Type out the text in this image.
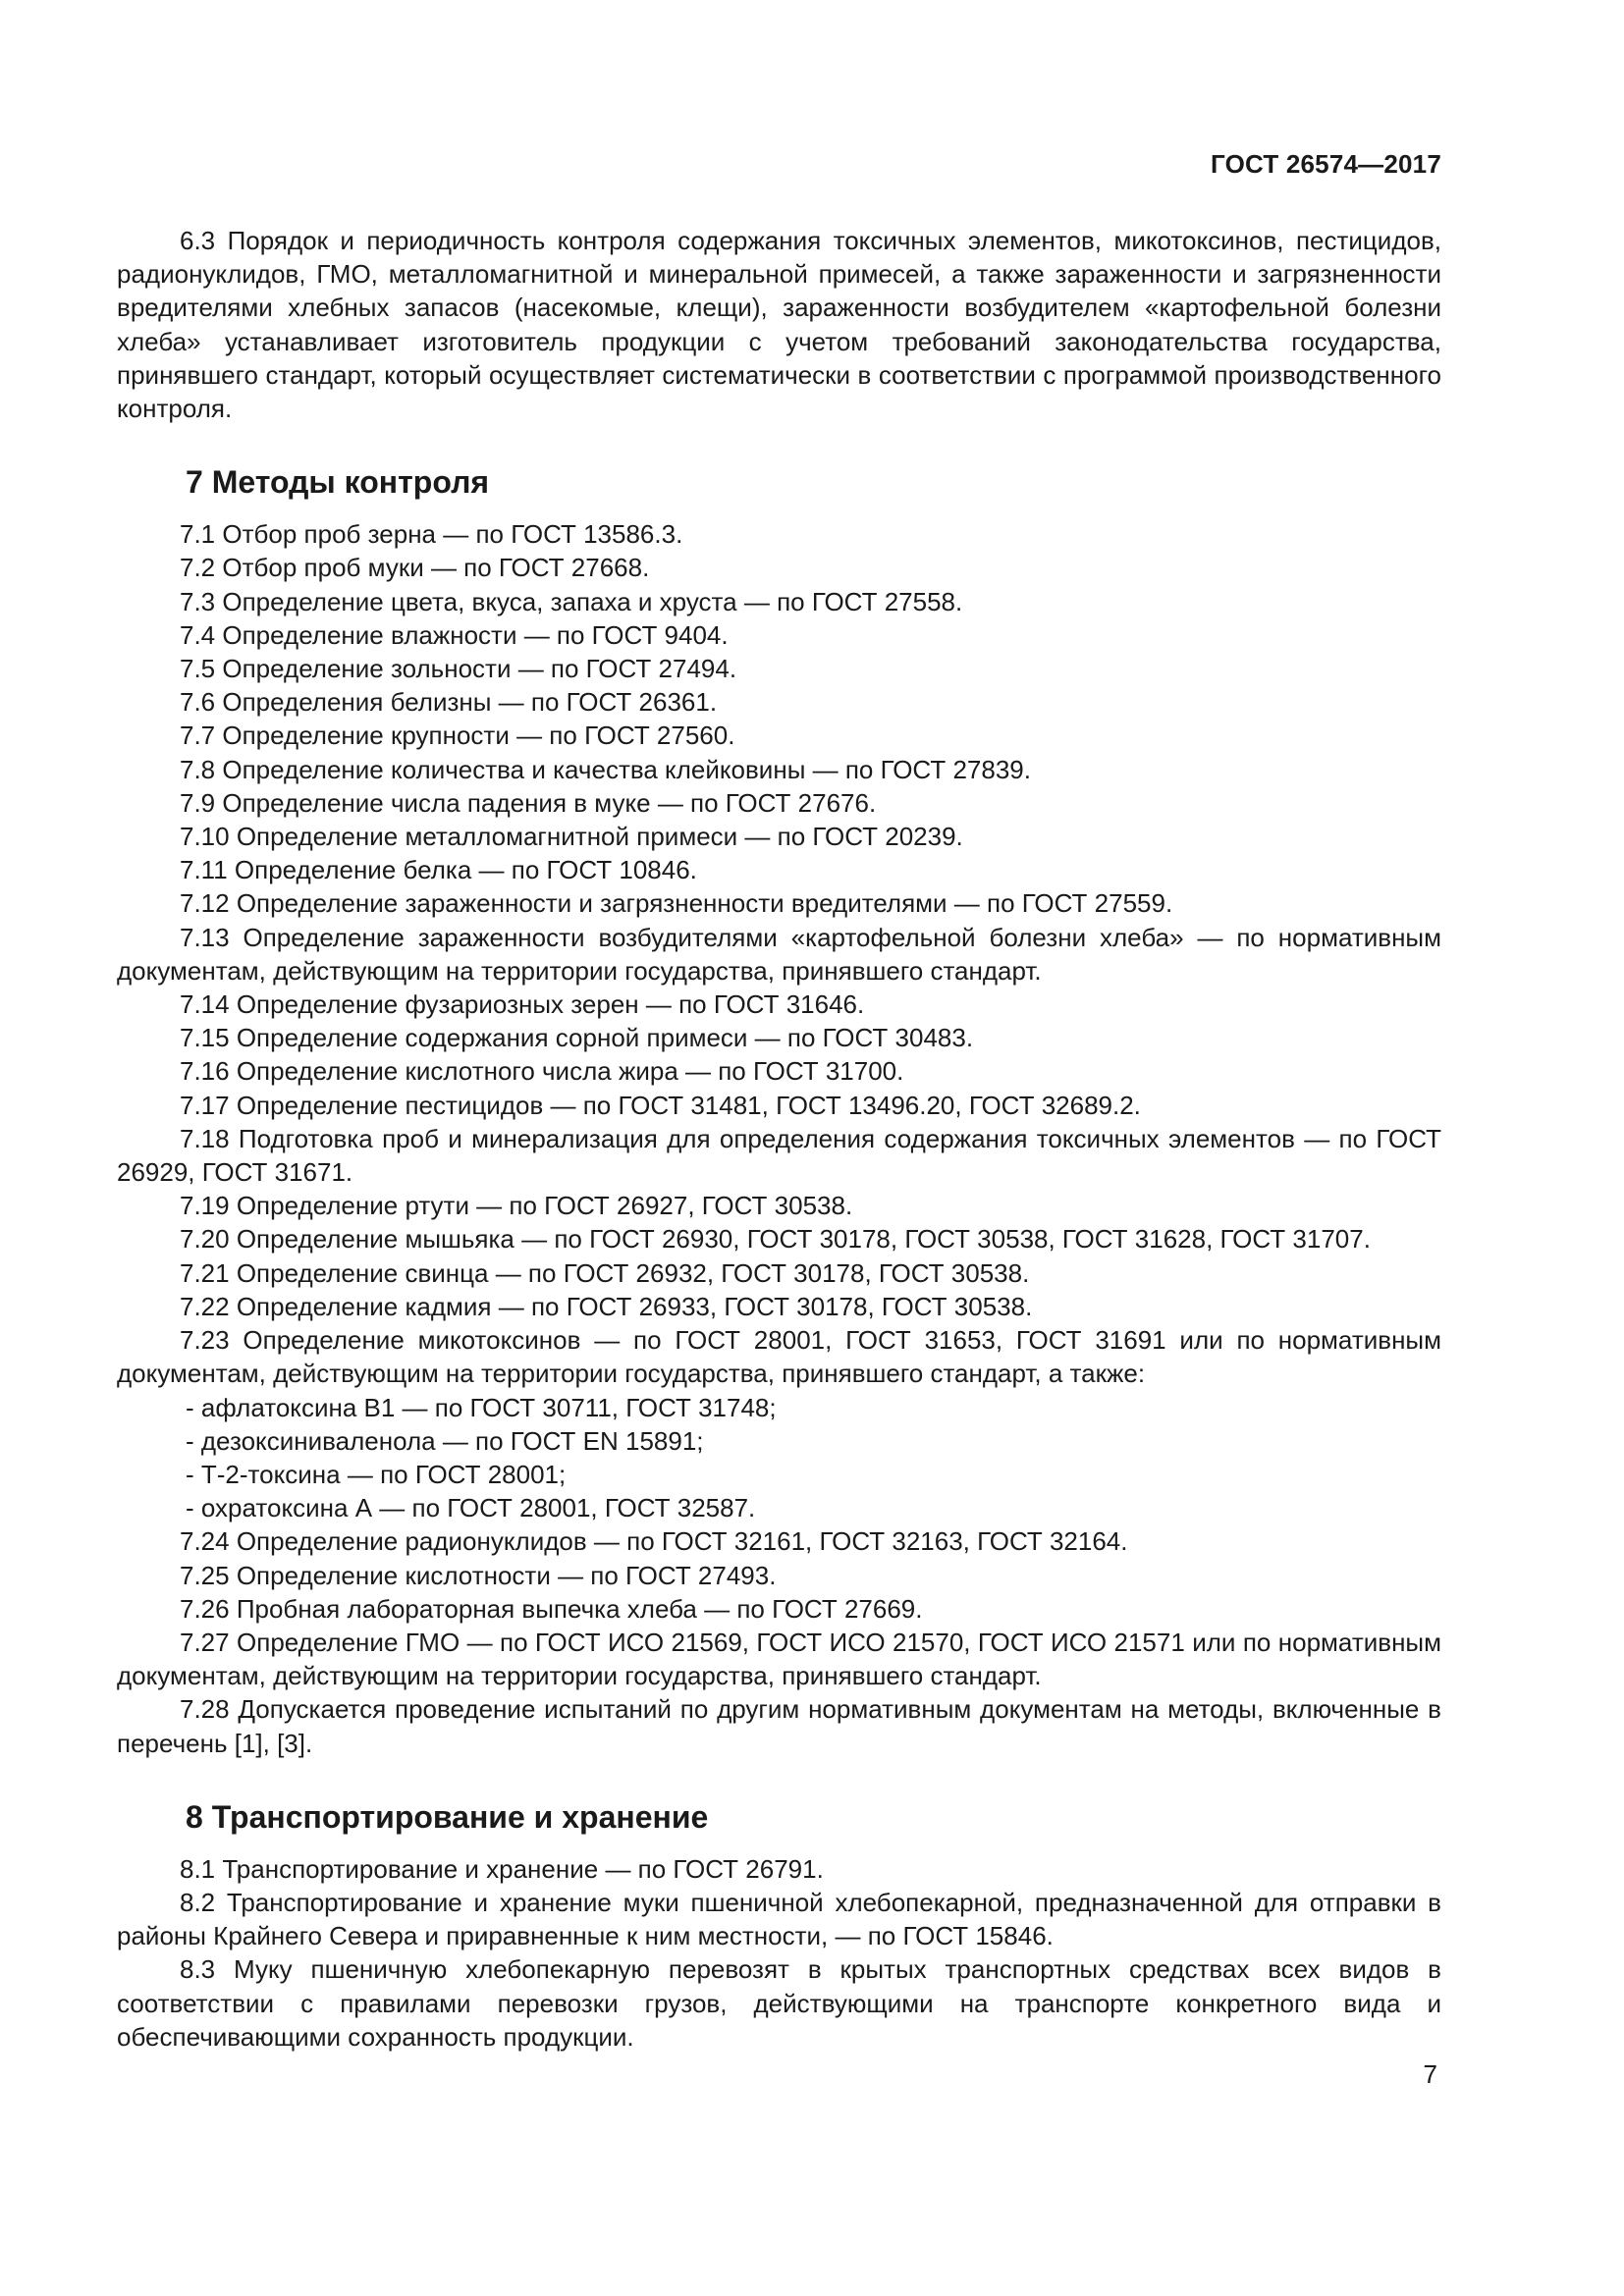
ГОСТ 26574—2017

6.3 Порядок и периодичность контроля содержания токсичных элементов, микотоксинов, пестицидов, радионуклидов, ГМО, металломагнитной и минеральной примесей, а также зараженности и загрязненности вредителями хлебных запасов (насекомые, клещи), зараженности возбудителем «картофельной болезни хлеба» устанавливает изготовитель продукции с учетом требований законодательства государства, принявшего стандарт, который осуществляет систематически в соответствии с программой производственного контроля.

7 Методы контроля

7.1 Отбор проб зерна — по ГОСТ 13586.3.

7.2 Отбор проб муки — по ГОСТ 27668.

7.3 Определение цвета, вкуса, запаха и хруста — по ГОСТ 27558.

7.4 Определение влажности — по ГОСТ 9404.

7.5 Определение зольности — по ГОСТ 27494.

7.6 Определения белизны — по ГОСТ 26361.

7.7 Определение крупности — по ГОСТ 27560.

7.8 Определение количества и качества клейковины — по ГОСТ 27839.

7.9 Определение числа падения в муке — по ГОСТ 27676.

7.10 Определение металломагнитной примеси — по ГОСТ 20239.

7.11 Определение белка — по ГОСТ 10846.

7.12 Определение зараженности и загрязненности вредителями — по ГОСТ 27559.

7.13 Определение зараженности возбудителями «картофельной болезни хлеба» — по нормативным документам, действующим на территории государства, принявшего стандарт.

7.14 Определение фузариозных зерен — по ГОСТ 31646.

7.15 Определение содержания сорной примеси — по ГОСТ 30483.

7.16 Определение кислотного числа жира — по ГОСТ 31700.

7.17 Определение пестицидов — по ГОСТ 31481, ГОСТ 13496.20, ГОСТ 32689.2.

7.18 Подготовка проб и минерализация для определения содержания токсичных элементов — по ГОСТ 26929, ГОСТ 31671.

7.19 Определение ртути — по ГОСТ 26927, ГОСТ 30538.

7.20 Определение мышьяка — по ГОСТ 26930, ГОСТ 30178, ГОСТ 30538, ГОСТ 31628, ГОСТ 31707.

7.21 Определение свинца — по ГОСТ 26932, ГОСТ 30178, ГОСТ 30538.

7.22 Определение кадмия — по ГОСТ 26933, ГОСТ 30178, ГОСТ 30538.

7.23 Определение микотоксинов — по ГОСТ 28001, ГОСТ 31653, ГОСТ 31691 или по нормативным документам, действующим на территории государства, принявшего стандарт, а также:

- афлатоксина В1 — по ГОСТ 30711, ГОСТ 31748;

- дезоксиниваленола — по ГОСТ EN 15891;

- Т-2-токсина — по ГОСТ 28001;

- охратоксина А — по ГОСТ 28001, ГОСТ 32587.

7.24 Определение радионуклидов — по ГОСТ 32161, ГОСТ 32163, ГОСТ 32164.

7.25 Определение кислотности — по ГОСТ 27493.

7.26 Пробная лабораторная выпечка хлеба — по ГОСТ 27669.

7.27 Определение ГМО — по ГОСТ ИСО 21569, ГОСТ ИСО 21570, ГОСТ ИСО 21571 или по нормативным документам, действующим на территории государства, принявшего стандарт.

7.28 Допускается проведение испытаний по другим нормативным документам на методы, включенные в перечень [1], [3].

8 Транспортирование и хранение

8.1 Транспортирование и хранение — по ГОСТ 26791.

8.2 Транспортирование и хранение муки пшеничной хлебопекарной, предназначенной для отправки в районы Крайнего Севера и приравненные к ним местности, — по ГОСТ 15846.

8.3 Муку пшеничную хлебопекарную перевозят в крытых транспортных средствах всех видов в соответствии с правилами перевозки грузов, действующими на транспорте конкретного вида и обеспечивающими сохранность продукции.

7
